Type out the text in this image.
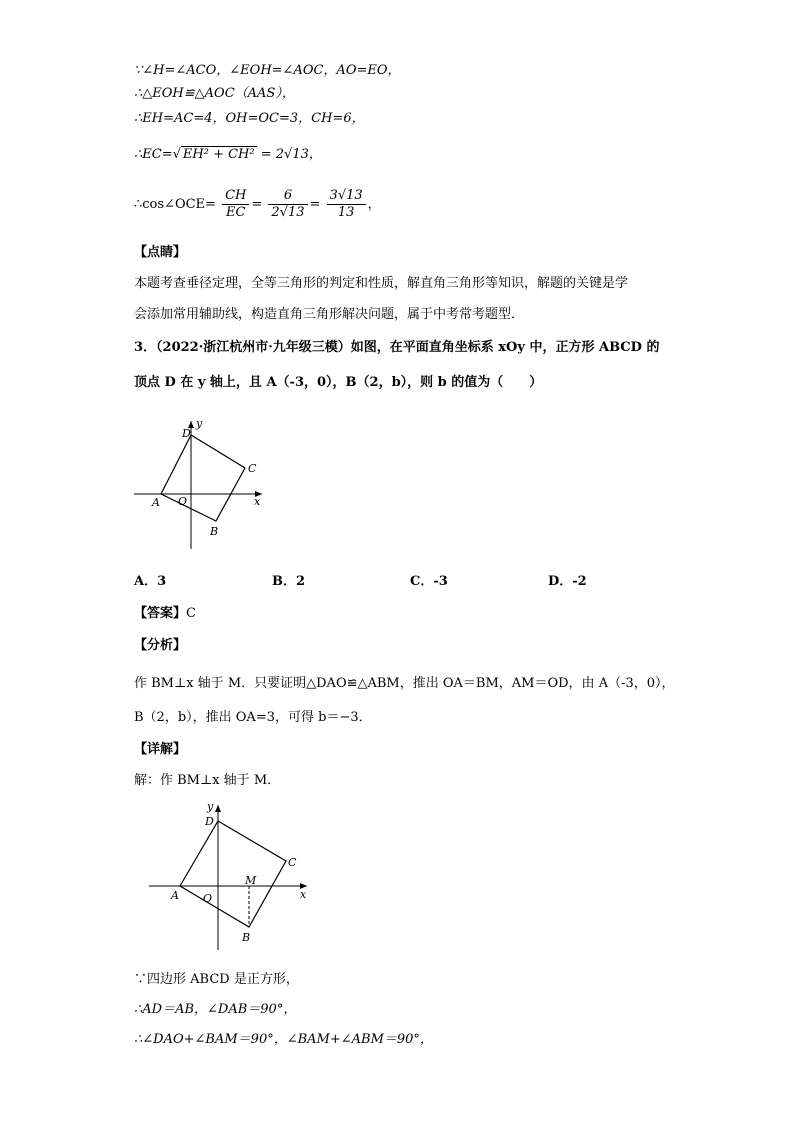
∵∠H=∠ACO，∠EOH=∠AOC，AO=EO，
∴△EOH≌△AOC（AAS），
∴EH=AC=4，OH=OC=3，CH=6，
∴EC=√ EH² + CH² = 2√13，
∴cos∠OCE= $\frac{CH}{EC} = \frac{6}{2√13} = \frac{3√13}{13}$ ，
【点睛】
本题考查垂径定理，全等三角形的判定和性质，解直角三角形等知识，解题的关键是学
会添加常用辅助线，构造直角三角形解决问题，属于中考常考题型．
3．（2022·浙江杭州市·九年级三模）如图，在平面直角坐标系 xOy 中，正方形 ABCD 的
顶点 D 在 y 轴上，且 A（-3，0），B（2，b），则 b 的值为（　　）
D
y
C
A O	x
B
A．3	B．2	C．-3	D．-2
【答案】C
【分析】
作 BM⊥x 轴于 M．只要证明△DAO≌△ABM，推出 OA＝BM，AM＝OD，由 A（-3，0），
B（2，b），推出 OA=3，可得 b＝−3．
【详解】
解：作 BM⊥x 轴于 M．
D
y
C
M
A O	x
B
∵四边形 ABCD 是正方形，
∴AD＝AB，∠DAB＝90°，
∴∠DAO+∠BAM＝90°，∠BAM+∠ABM＝90°，
